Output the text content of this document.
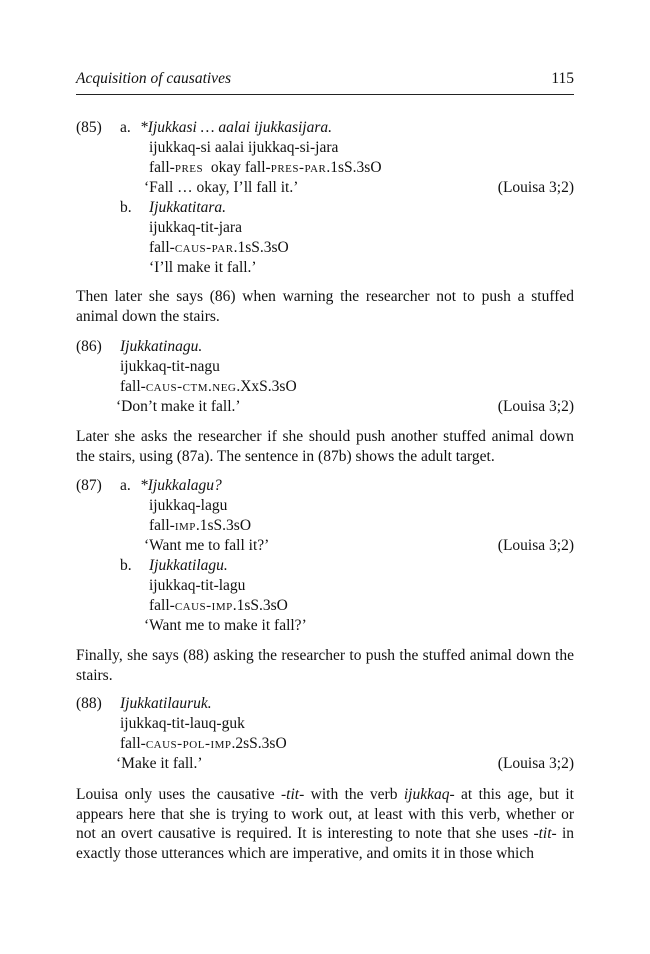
Acquisition of causatives	115
(85) a. *Ijukkasi … aalai ijukkasijara.
ijukkaq-si aalai ijukkaq-si-jara
fall-pres okay fall-pres-par.1sS.3sO
‘Fall … okay, I’ll fall it.’	(Louisa 3;2)
b. Ijukkatitara.
ijukkaq-tit-jara
fall-caus-par.1sS.3sO
‘I’ll make it fall.’

Then later she says (86) when warning the researcher not to push a stuffed animal down the stairs.

(86) Ijukkatinagu.
ijukkaq-tit-nagu
fall-caus-ctm.neg.XxS.3sO
‘Don’t make it fall.’	(Louisa 3;2)

Later she asks the researcher if she should push another stuffed animal down the stairs, using (87a). The sentence in (87b) shows the adult target.

(87) a. *Ijukkalagu?
ijukkaq-lagu
fall-imp.1sS.3sO
‘Want me to fall it?’	(Louisa 3;2)
b. Ijukkatilagu.
ijukkaq-tit-lagu
fall-caus-imp.1sS.3sO
‘Want me to make it fall?’

Finally, she says (88) asking the researcher to push the stuffed animal down the stairs.

(88) Ijukkatilauruk.
ijukkaq-tit-lauq-guk
fall-caus-pol-imp.2sS.3sO
‘Make it fall.’	(Louisa 3;2)

Louisa only uses the causative -tit- with the verb ijukkaq- at this age, but it appears here that she is trying to work out, at least with this verb, whether or not an overt causative is required. It is interesting to note that she uses -tit- in exactly those utterances which are imperative, and omits it in those which
